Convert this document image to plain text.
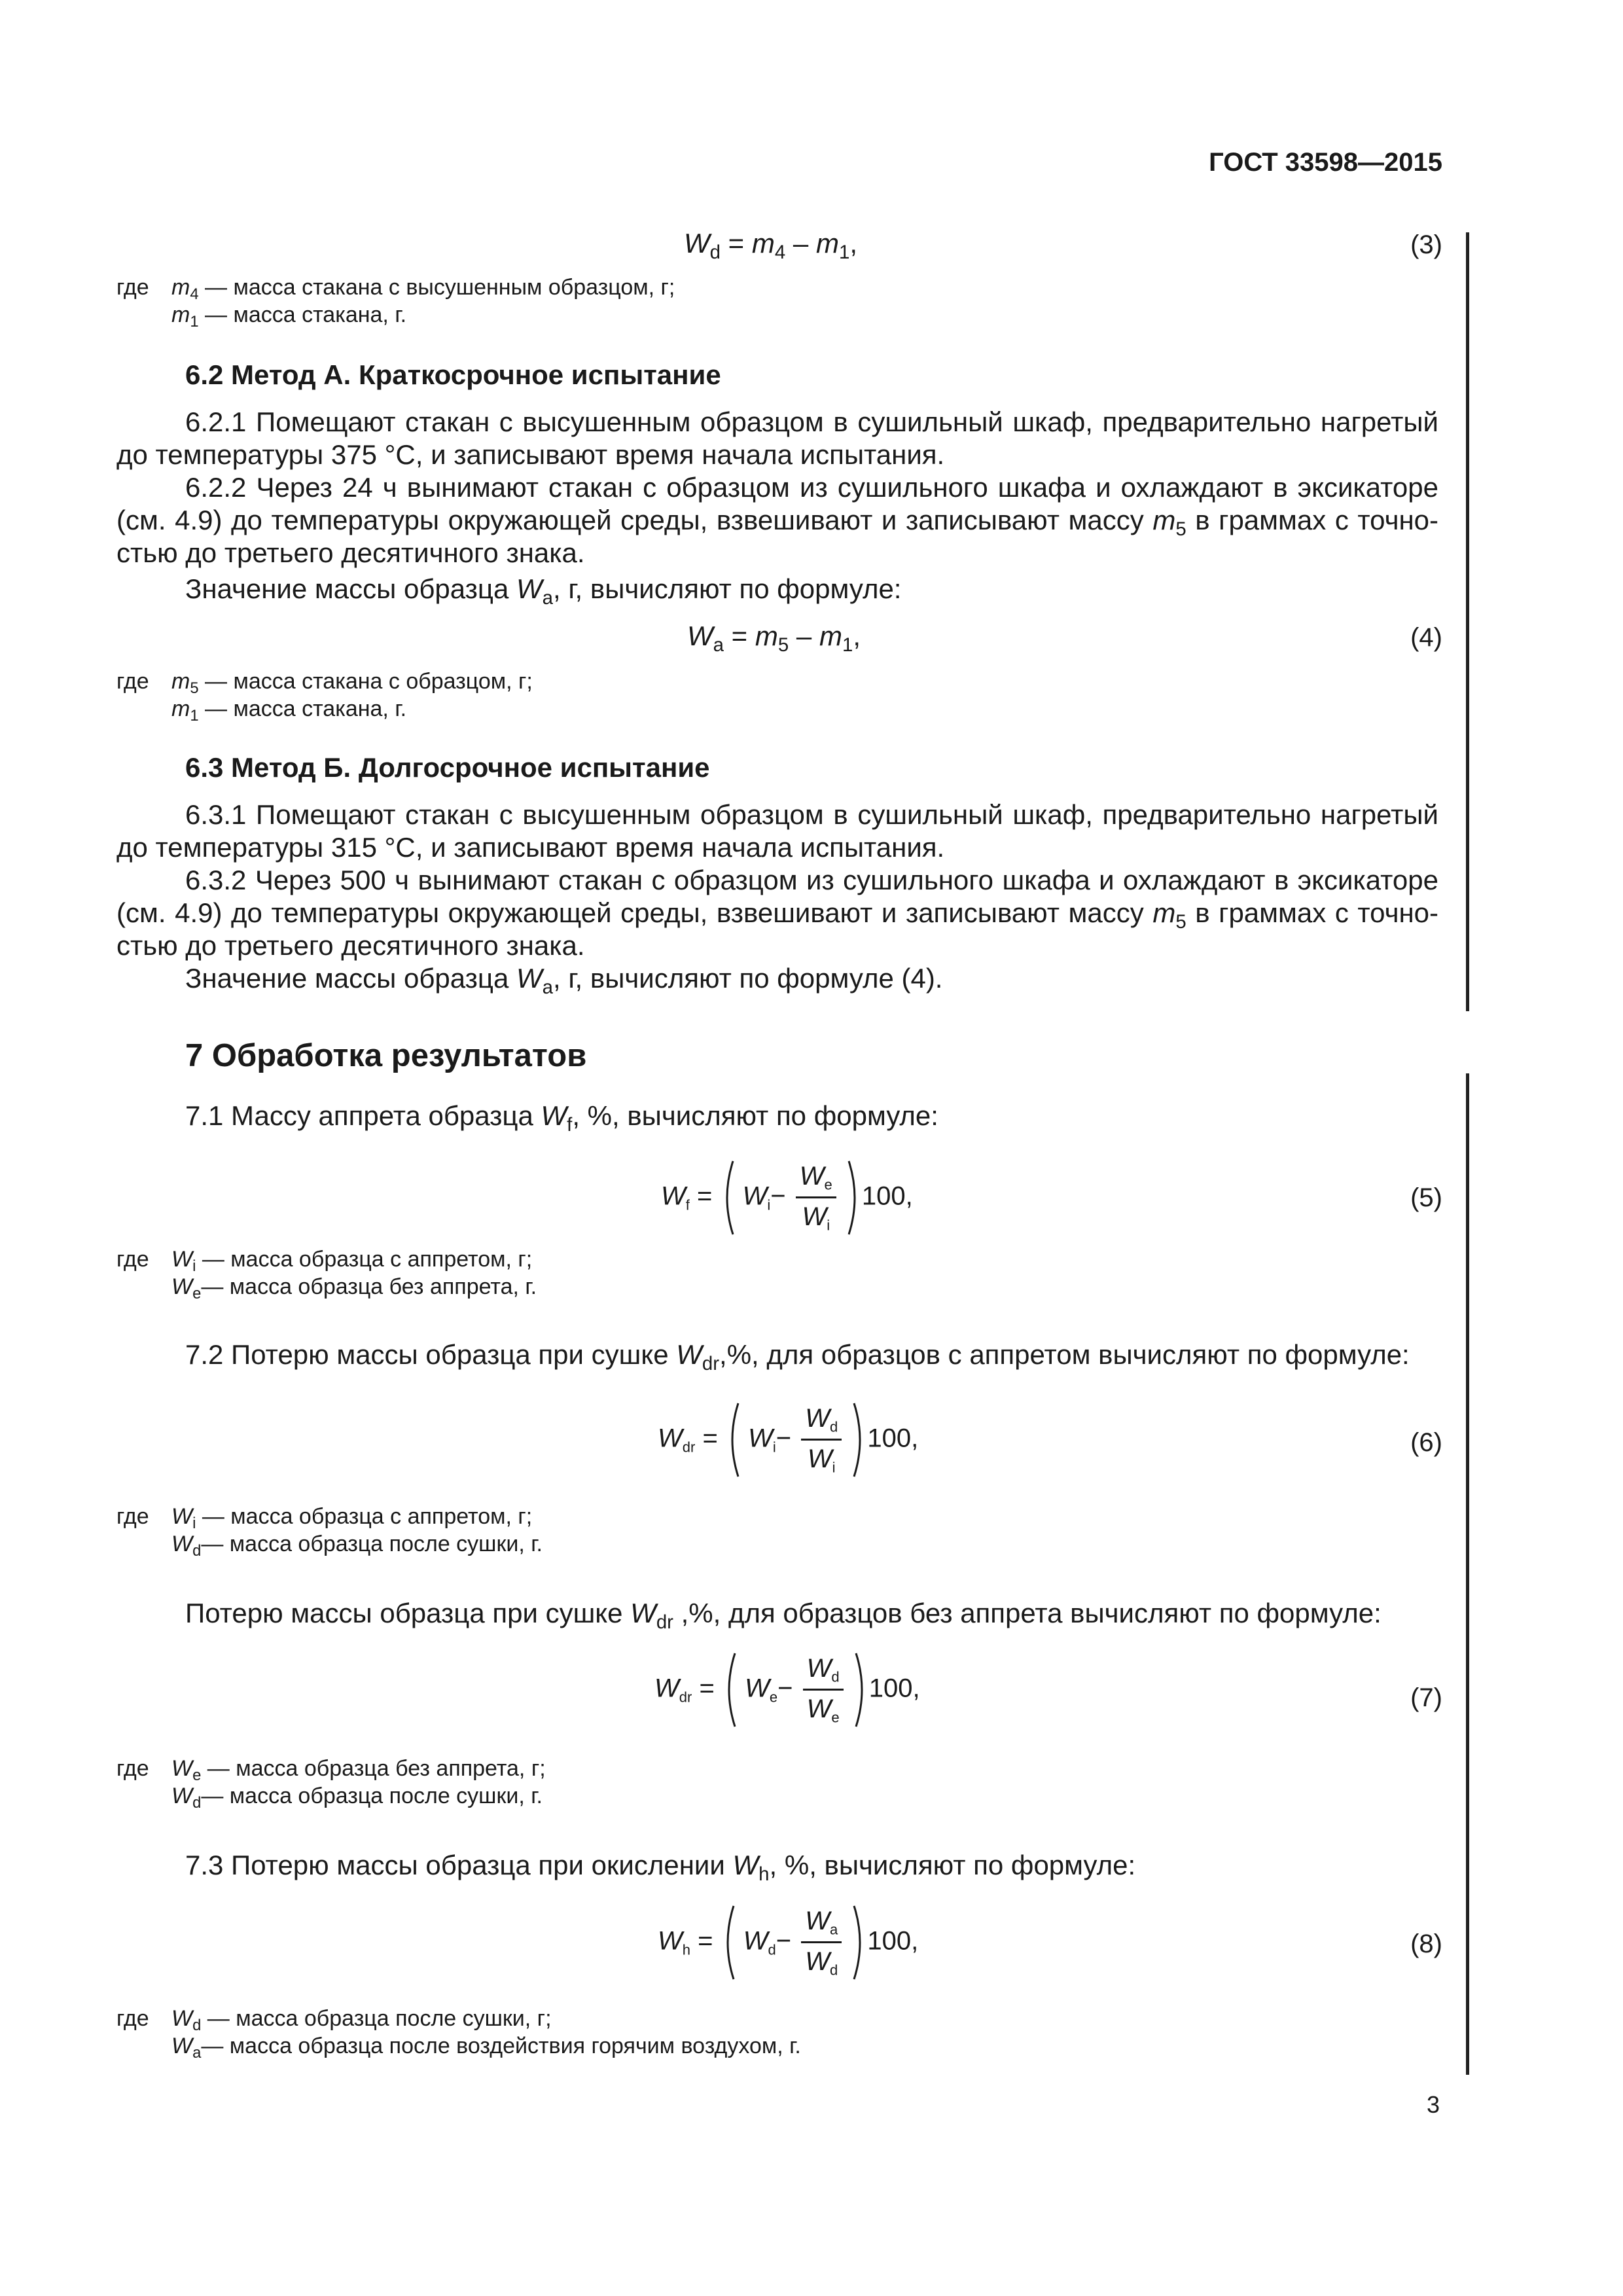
ГОСТ 33598—2015
$W_d = m_4 - m_1$,	(3)
где $m_4$ — масса стакана с высушенным образцом, г;
$m_1$ — масса стакана, г.
6.2 Метод А. Краткосрочное испытание
6.2.1 Помещают стакан с высушенным образцом в сушильный шкаф, предварительно нагретый до температуры 375 °С, и записывают время начала испытания.
6.2.2 Через 24 ч вынимают стакан с образцом из сушильного шкафа и охлаждают в эксикаторе (см. 4.9) до температуры окружающей среды, взвешивают и записывают массу $m_5$ в граммах с точно-стью до третьего десятичного знака.
Значение массы образца $W_a$, г, вычисляют по формуле:
$W_a = m_5 - m_1$,	(4)
где $m_5$ — масса стакана с образцом, г;
$m_1$ — масса стакана, г.
6.3 Метод Б. Долгосрочное испытание
6.3.1 Помещают стакан с высушенным образцом в сушильный шкаф, предварительно нагретый до температуры 315 °С, и записывают время начала испытания.
6.3.2 Через 500 ч вынимают стакан с образцом из сушильного шкафа и охлаждают в эксикаторе (см. 4.9) до температуры окружающей среды, взвешивают и записывают массу $m_5$ в граммах с точно-стью до третьего десятичного знака.
Значение массы образца $W_a$, г, вычисляют по формуле (4).
7 Обработка результатов
7.1 Массу аппрета образца $W_f$, %, вычисляют по формуле:
$Wf = Wi- \frac{We}{Wi} 100$,	(5)
где $W_i$ — масса образца с аппретом, г;
$W_e—$ масса образца без аппрета, г.
7.2 Потерю массы образца при сушке $W_{dr},\%$, для образцов с аппретом вычисляют по формуле:
Wdr = $Wi- \frac{Wd}{Wi} 100$,	(6)
где $W_i$ — масса образца с аппретом, г;
$W_d—$ масса образца после сушки, г.
Потерю массы образца при сушке $W_{dr}$ ,%, для образцов без аппрета вычисляют по формуле:
Wdr = $We- \frac{Wd}{We} 100$,	(7)
где $W_e$ — масса образца без аппрета, г;
$W_d—$ масса образца после сушки, г.
7.3 Потерю массы образца при окислении $W_h$, %, вычисляют по формуле:
$Wh = Wd- \frac{Wa}{Wd} 100$,	(8)
где $W_d$ — масса образца после сушки, г;
$W_a—$ масса образца после воздействия горячим воздухом, г.
3
